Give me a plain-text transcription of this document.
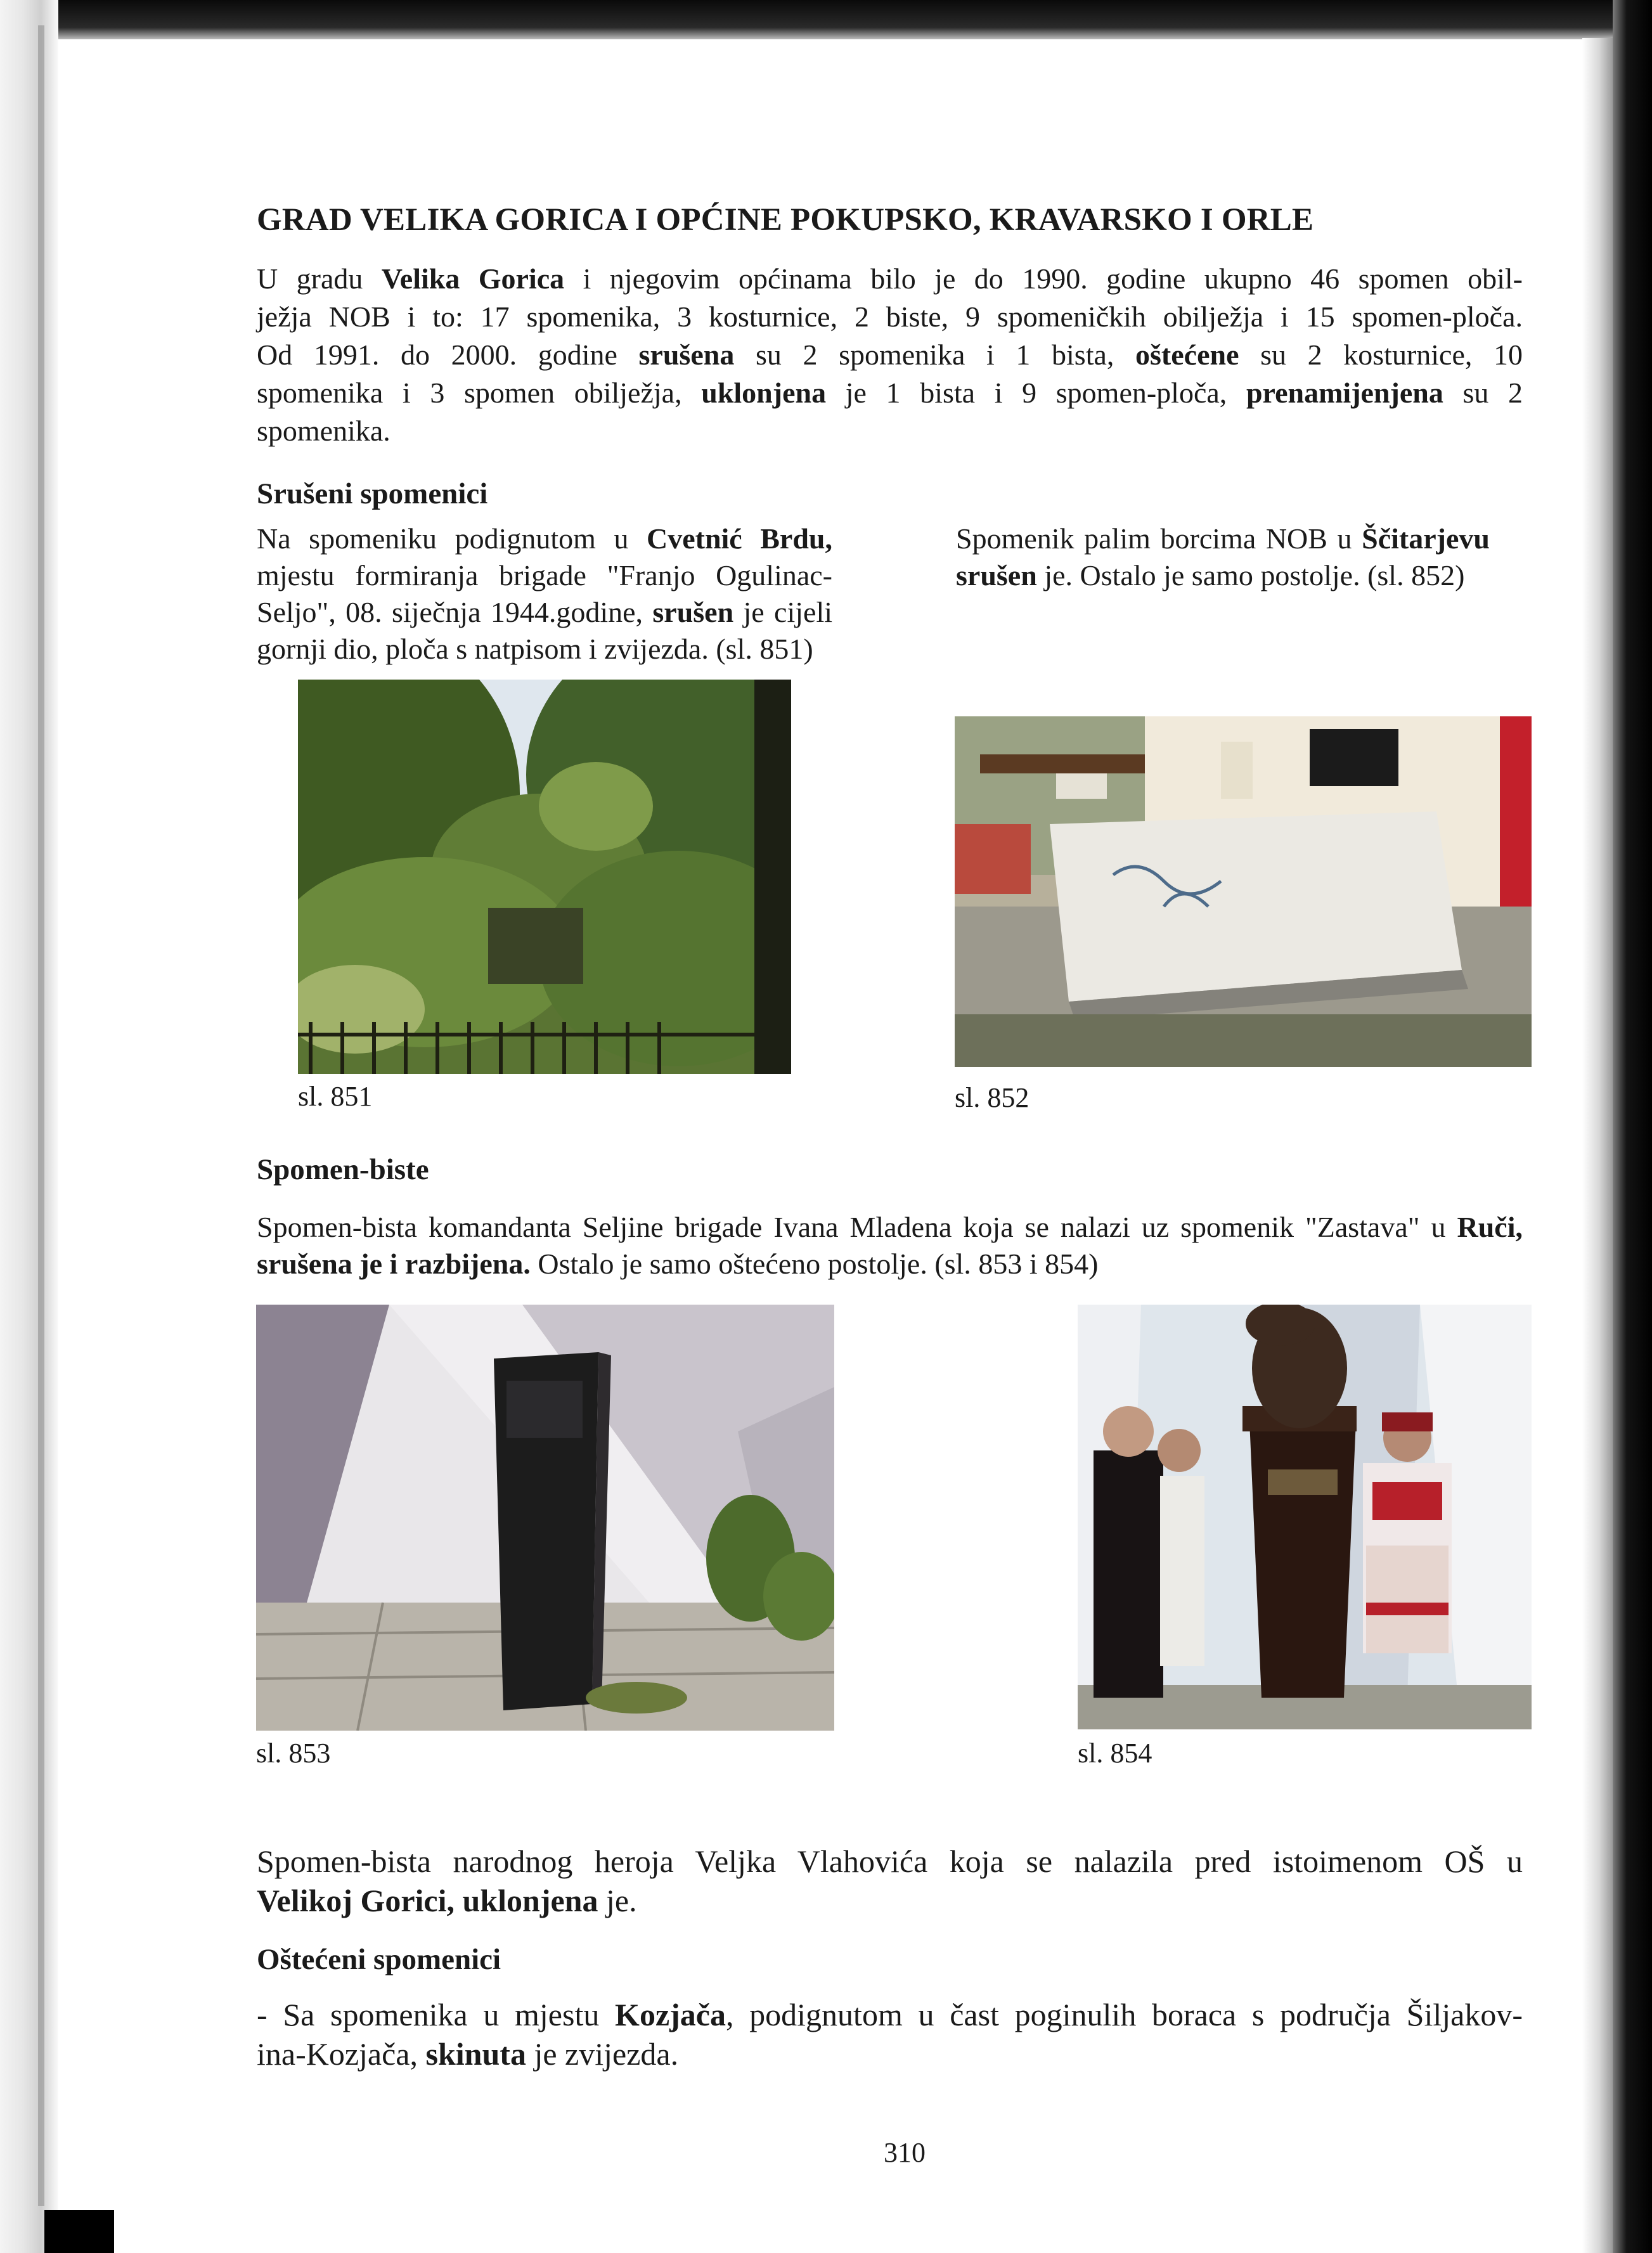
GRAD VELIKA GORICA I OPĆINE POKUPSKO, KRAVARSKO I ORLE

U gradu Velika Gorica i njegovim općinama bilo je do 1990. godine ukupno 46 spomen obil-

ježja NOB i to: 17 spomenika, 3 kosturnice, 2 biste, 9 spomeničkih obilježja i 15 spomen-ploča.

Od 1991. do 2000. godine srušena su 2 spomenika i 1 bista, oštećene su 2 kosturnice, 10

spomenika i 3 spomen obilježja, uklonjena je 1 bista i 9 spomen-ploča, prenamijenjena su 2

spomenika.

Srušeni spomenici

Na spomeniku podignutom u Cvetnić Brdu,

mjestu formiranja brigade "Franjo Ogulinac-

Seljo", 08. siječnja 1944.godine, srušen je cijeli

gornji dio, ploča s natpisom i zvijezda. (sl. 851)

Spomenik palim borcima NOB u Ščitarjevu

srušen je. Ostalo je samo postolje. (sl. 852)

sl. 851	sl. 852

Spomen-biste

Spomen-bista komandanta Seljine brigade Ivana Mladena koja se nalazi uz spomenik "Zastava" u Ruči,

srušena je i razbijena. Ostalo je samo oštećeno postolje. (sl. 853 i 854)

sl. 853	sl. 854

Spomen-bista narodnog heroja Veljka Vlahovića koja se nalazila pred istoimenom OŠ u

Velikoj Gorici, uklonjena je.

Oštećeni spomenici

- Sa spomenika u mjestu Kozjača, podignutom u čast poginulih boraca s područja Šiljakov-

ina-Kozjača, skinuta je zvijezda.

310
